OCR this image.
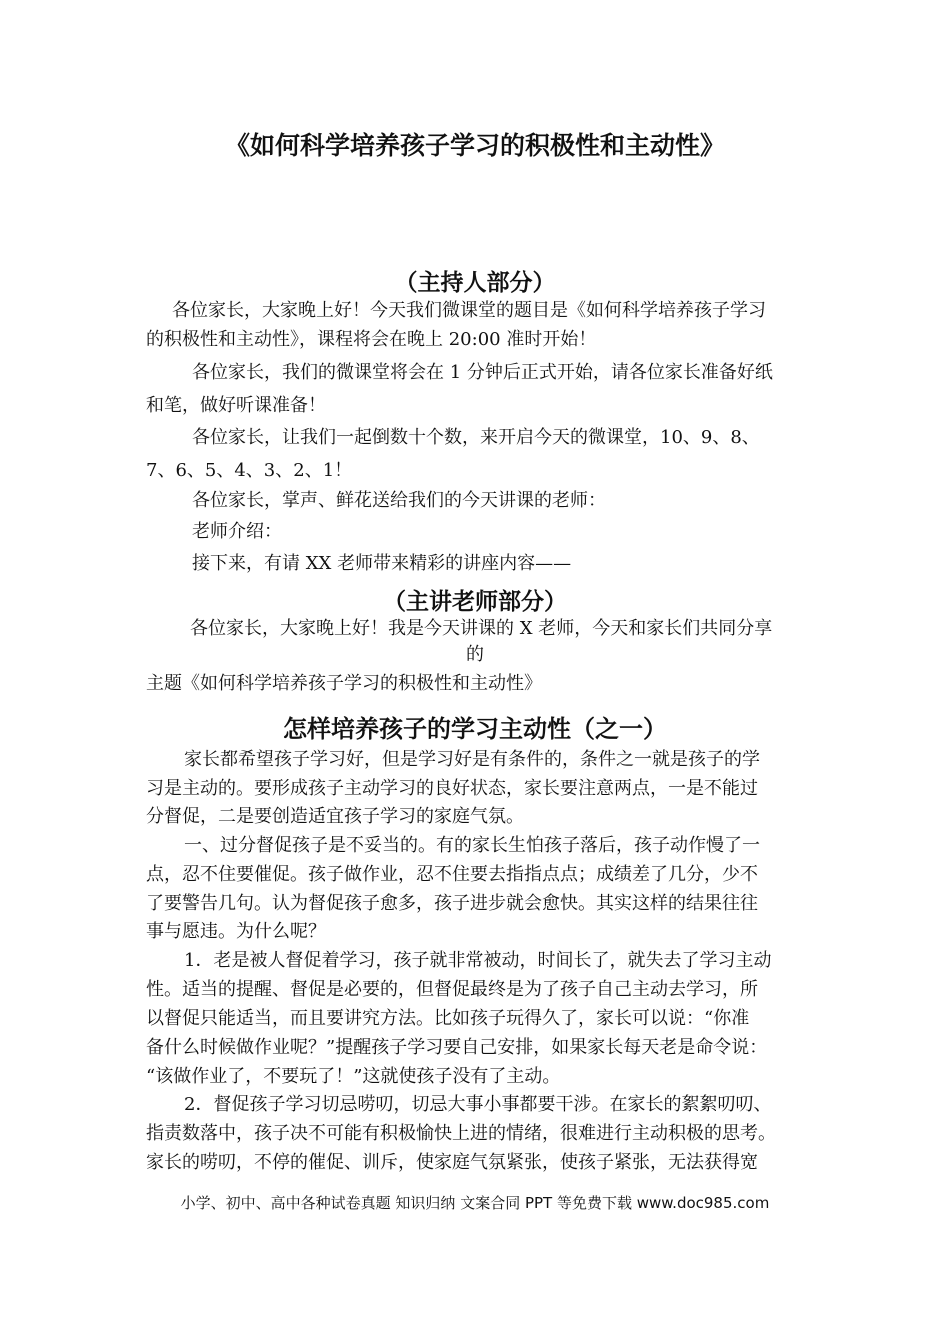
《如何科学培养孩子学习的积极性和主动性》
（主持人部分）
各位家长，大家晚上好！今天我们微课堂的题目是《如何科学培养孩子学习
的积极性和主动性》，课程将会在晚上 20:00 准时开始！
各位家长，我们的微课堂将会在 1 分钟后正式开始，请各位家长准备好纸
和笔，做好听课准备！
各位家长，让我们一起倒数十个数，来开启今天的微课堂，10、9、8、
7、6、5、4、3、2、1！
各位家长，掌声、鲜花送给我们的今天讲课的老师：
老师介绍：
接下来，有请 XX 老师带来精彩的讲座内容——
（主讲老师部分）
各位家长，大家晚上好！我是今天讲课的 X 老师，今天和家长们共同分享
的
主题《如何科学培养孩子学习的积极性和主动性》
怎样培养孩子的学习主动性（之一）
家长都希望孩子学习好，但是学习好是有条件的，条件之一就是孩子的学
习是主动的。要形成孩子主动学习的良好状态，家长要注意两点，一是不能过
分督促，二是要创造适宜孩子学习的家庭气氛。
一、过分督促孩子是不妥当的。有的家长生怕孩子落后，孩子动作慢了一
点，忍不住要催促。孩子做作业，忍不住要去指指点点；成绩差了几分，少不
了要警告几句。认为督促孩子愈多，孩子进步就会愈快。其实这样的结果往往
事与愿违。为什么呢？
1．老是被人督促着学习，孩子就非常被动，时间长了，就失去了学习主动
性。适当的提醒、督促是必要的，但督促最终是为了孩子自己主动去学习，所
以督促只能适当，而且要讲究方法。比如孩子玩得久了，家长可以说：“你准
备什么时候做作业呢？”提醒孩子学习要自己安排，如果家长每天老是命令说：
“该做作业了，不要玩了！”这就使孩子没有了主动。
2．督促孩子学习切忌唠叨，切忌大事小事都要干涉。在家长的絮絮叨叨、
指责数落中，孩子决不可能有积极愉快上进的情绪，很难进行主动积极的思考。
家长的唠叨，不停的催促、训斥，使家庭气氛紧张，使孩子紧张，无法获得宽
小学、初中、高中各种试卷真题 知识归纳 文案合同 PPT 等免费下载 www.doc985.com
